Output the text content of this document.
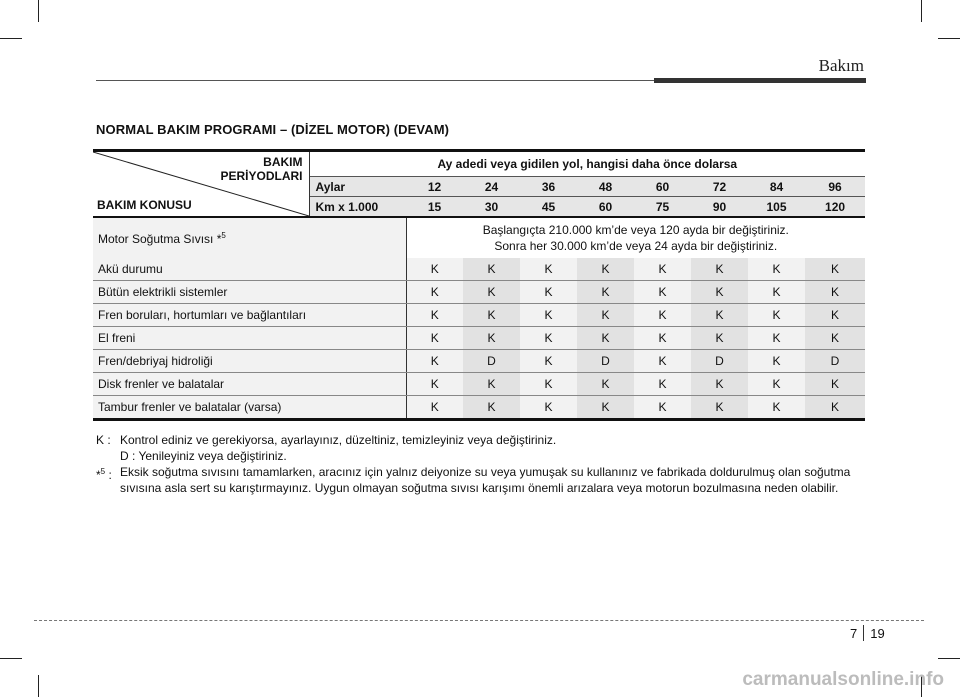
Bakım
NORMAL BAKIM PROGRAMI – (DİZEL MOTOR) (DEVAM)
BAKIM
PERİYODLARI
BAKIM KONUSU	Ay adedi veya gidilen yol, hangisi daha önce dolarsa								
	Aylar	12	24	36	48	60	72	84	96
	Km x 1.000	15	30	45	60	75	90	105	120
Motor Soğutma Sıvısı *$^5$		Başlangıçta 210.000 km’de veya 120 ayda bir değiştiriniz.
Sonra her 30.000 km’de veya 24 ayda bir değiştiriniz.							
Akü durumu	K	K	K	K	K	K	K	K
Bütün elektrikli sistemler	K	K	K	K	K	K	K	K
Fren boruları, hortumları ve bağlantıları	K	K	K	K	K	K	K	K
El freni	K	K	K	K	K	K	K	K
Fren/debriyaj hidroliği	K	D	K	D	K	D	K	D
Disk frenler ve balatalar	K	K	K	K	K	K	K	K
Tambur frenler ve balatalar (varsa)	K	K	K	K	K	K	K	K
K : Kontrol ediniz ve gerekiyorsa, ayarlayınız, düzeltiniz, temizleyiniz veya değiştiriniz.
D : Yenileyiniz veya değiştiriniz.
*$^5$ : Eksik soğutma sıvısını tamamlarken, aracınız için yalnız deiyonize su veya yumuşak su kullanınız ve fabrikada doldurulmuş olan soğutma sıvısına asla sert su karıştırmayınız. Uygun olmayan soğutma sıvısı karışımı önemli arızalara veya motorun bozulmasına neden olabilir.
7 19
carmanualsonline.info
